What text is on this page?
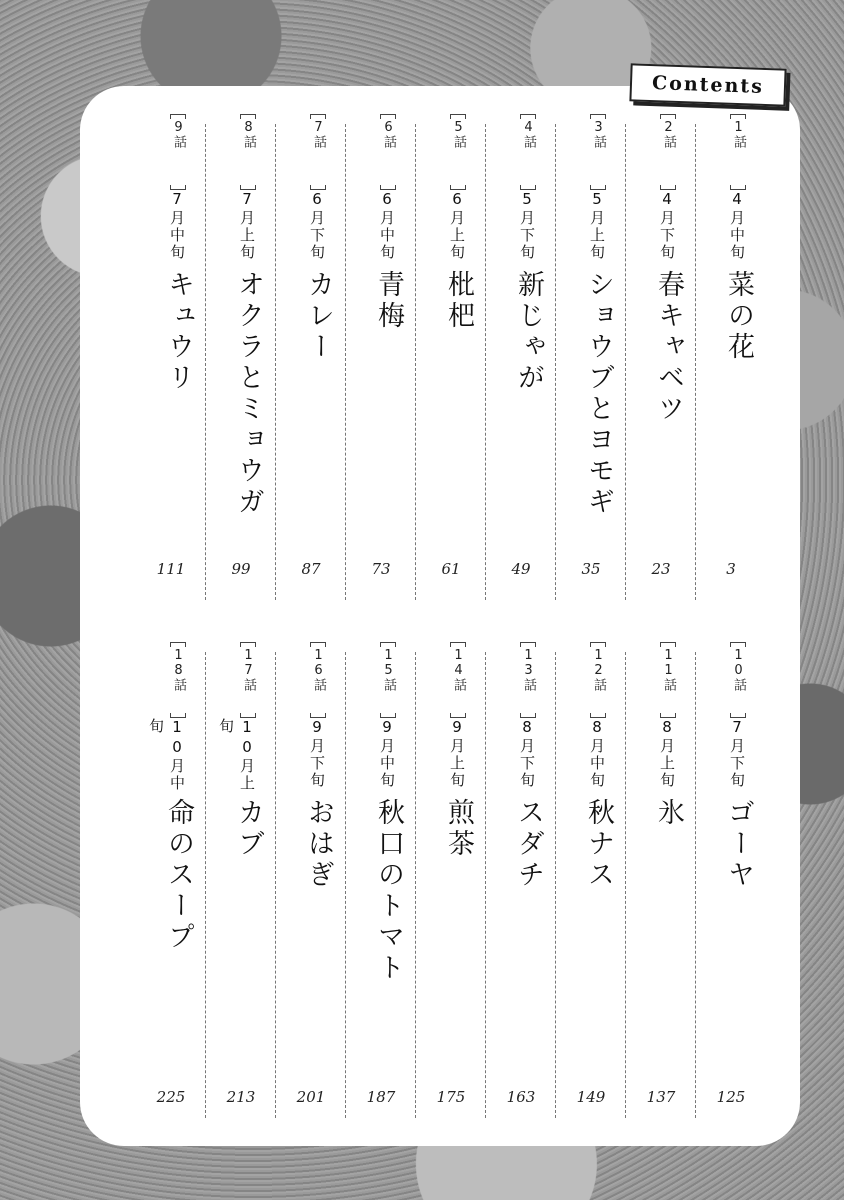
Contents
1話
4月中旬
菜の花
3
2話
4月下旬
春キャベツ
23
3話
5月上旬
ショウブとヨモギ
35
4話
5月下旬
新じゃが
49
5話
6月上旬
枇杷
61
6話
6月中旬
青梅
73
7話
6月下旬
カレー
87
8話
7月上旬
オクラとミョウガ
99
9話
7月中旬
キュウリ
111
10話
7月下旬
ゴーヤ
125
11話
8月上旬
氷
137
12話
8月中旬
秋ナス
149
13話
8月下旬
スダチ
163
14話
9月上旬
煎茶
175
15話
9月中旬
秋口のトマト
187
16話
9月下旬
おはぎ
201
17話
10月上旬
カブ
213
18話
10月中旬
命のスープ
225
